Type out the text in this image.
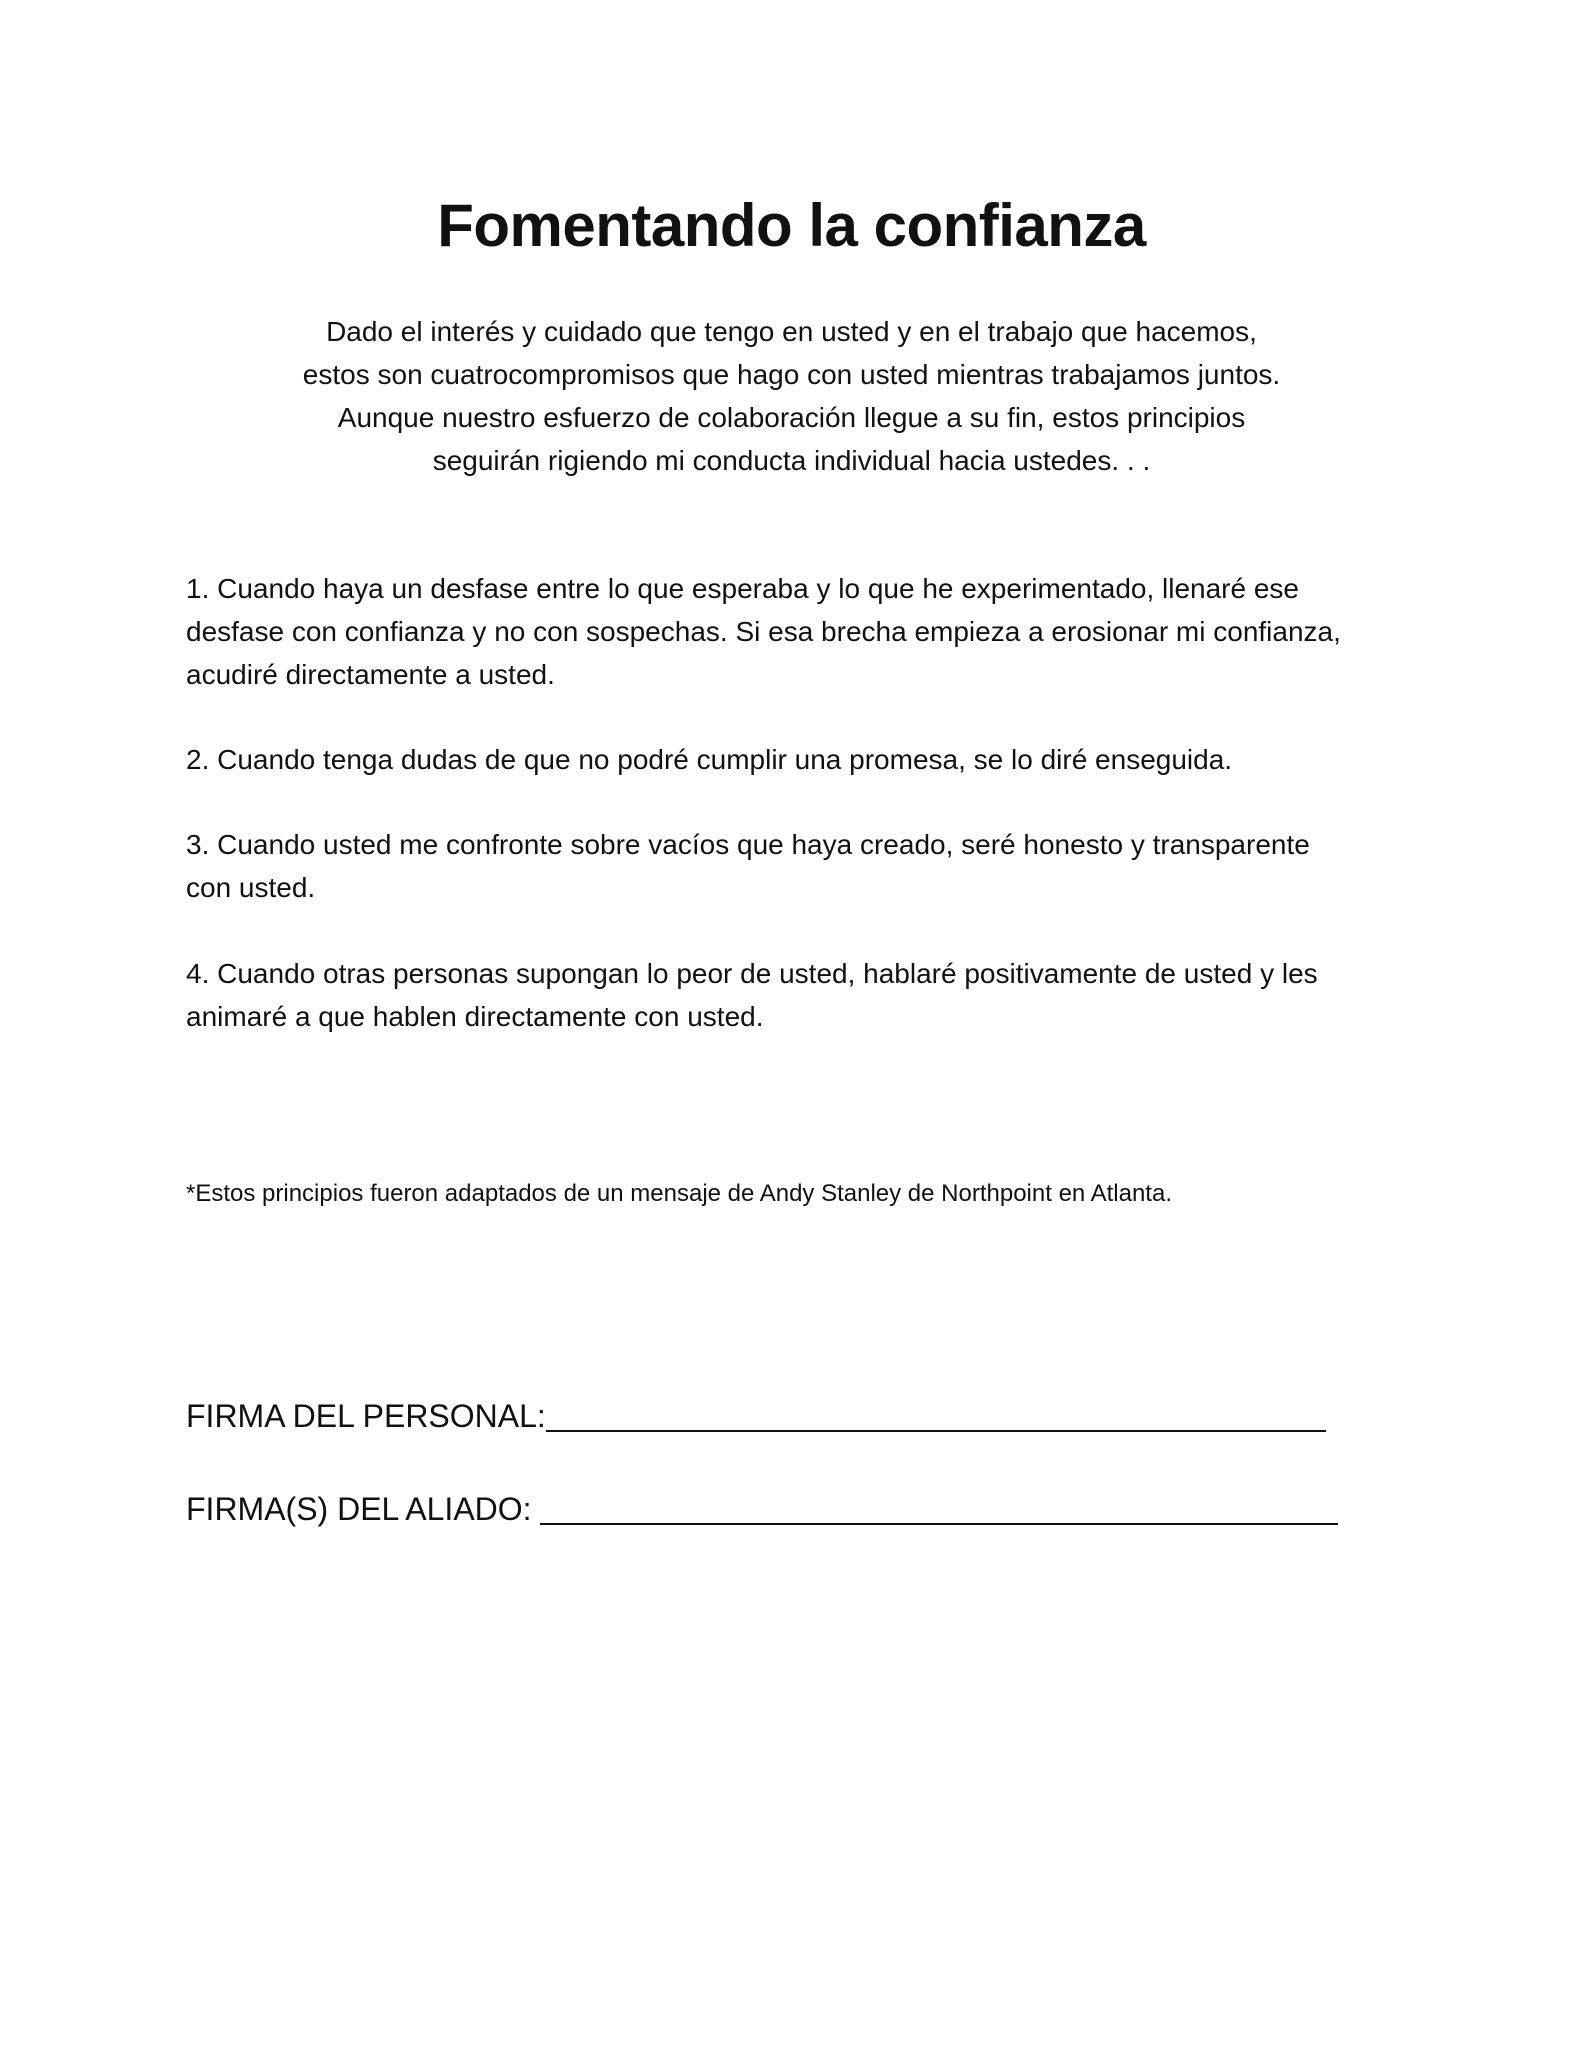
Fomentando la confianza

Dado el interés y cuidado que tengo en usted y en el trabajo que hacemos,
estos son cuatrocompromisos que hago con usted mientras trabajamos juntos.
Aunque nuestro esfuerzo de colaboración llegue a su fin, estos principios
seguirán rigiendo mi conducta individual hacia ustedes. . .

1. Cuando haya un desfase entre lo que esperaba y lo que he experimentado, llenaré ese
desfase con confianza y no con sospechas. Si esa brecha empieza a erosionar mi confianza,
acudiré directamente a usted.

2. Cuando tenga dudas de que no podré cumplir una promesa, se lo diré enseguida.

3. Cuando usted me confronte sobre vacíos que haya creado, seré honesto y transparente
con usted.

4. Cuando otras personas supongan lo peor de usted, hablaré positivamente de usted y les
animaré a que hablen directamente con usted.

*Estos principios fueron adaptados de un mensaje de Andy Stanley de Northpoint en Atlanta.

FIRMA DEL PERSONAL:
FIRMA(S) DEL ALIADO:
